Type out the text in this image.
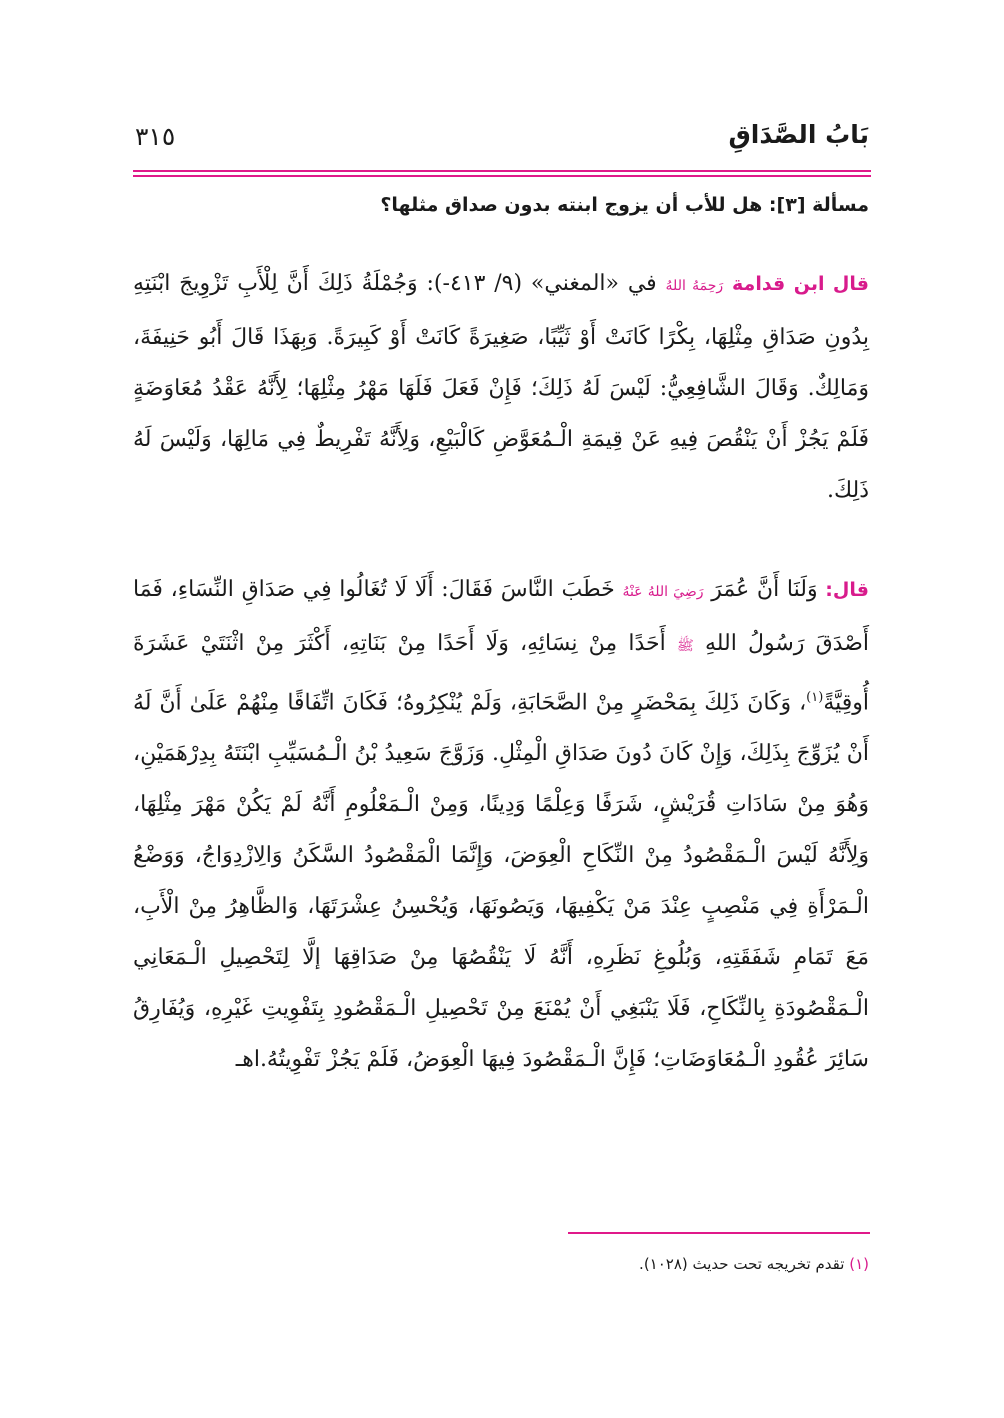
بَابُ الصَّدَاقِ
٣١٥
مسألة [٣]: هل للأب أن يزوج ابنته بدون صداق مثلها؟
قال ابن قدامة رَحِمَهُ اللهُ في «المغني» (٩/ ٤١٣-): وَجُمْلَةُ ذَلِكَ أَنَّ لِلْأَبِ تَزْوِيجَ ابْنَتِهِ بِدُونِ صَدَاقِ مِثْلِهَا، بِكْرًا كَانَتْ أَوْ ثَيِّبًا، صَغِيرَةً كَانَتْ أَوْ كَبِيرَةً. وَبِهَذَا قَالَ أَبُو حَنِيفَةَ، وَمَالِكٌ. وَقَالَ الشَّافِعِيُّ: لَيْسَ لَهُ ذَلِكَ؛ فَإِنْ فَعَلَ فَلَهَا مَهْرُ مِثْلِهَا؛ لِأَنَّهُ عَقْدُ مُعَاوَضَةٍ فَلَمْ يَجُزْ أَنْ يَنْقُصَ فِيهِ عَنْ قِيمَةِ الْـمُعَوَّضِ كَالْبَيْعِ، وَلِأَنَّهُ تَفْرِيطٌ فِي مَالِهَا، وَلَيْسَ لَهُ ذَلِكَ.
قال: وَلَنَا أَنَّ عُمَرَ رَضِيَ اللهُ عَنْهُ خَطَبَ النَّاسَ فَقَالَ: أَلَا لَا تُغَالُوا فِي صَدَاقِ النِّسَاءِ، فَمَا أَصْدَقَ رَسُولُ اللهِ ﷺ أَحَدًا مِنْ نِسَائِهِ، وَلَا أَحَدًا مِنْ بَنَاتِهِ، أَكْثَرَ مِنْ اثْنَتَيْ عَشَرَةَ أُوقِيَّةً$^{(١)}$، وَكَانَ ذَلِكَ بِمَحْضَرٍ مِنْ الصَّحَابَةِ، وَلَمْ يُنْكِرُوهُ؛ فَكَانَ اتِّفَاقًا مِنْهُمْ عَلَىٰ أَنَّ لَهُ أَنْ يُزَوِّجَ بِذَلِكَ، وَإِنْ كَانَ دُونَ صَدَاقِ الْمِثْلِ. وَزَوَّجَ سَعِيدُ بْنُ الْـمُسَيِّبِ ابْنَتَهُ بِدِرْهَمَيْنِ، وَهُوَ مِنْ سَادَاتِ قُرَيْشٍ، شَرَفًا وَعِلْمًا وَدِينًا، وَمِنْ الْـمَعْلُومِ أَنَّهُ لَمْ يَكُنْ مَهْرَ مِثْلِهَا، وَلِأَنَّهُ لَيْسَ الْـمَقْصُودُ مِنْ النِّكَاحِ الْعِوَضَ، وَإِنَّمَا الْمَقْصُودُ السَّكَنُ وَالِازْدِوَاجُ، وَوَضْعُ الْـمَرْأَةِ فِي مَنْصِبٍ عِنْدَ مَنْ يَكْفِيهَا، وَيَصُونَهَا، وَيُحْسِنُ عِشْرَتَهَا، وَالظَّاهِرُ مِنْ الْأَبِ، مَعَ تَمَامِ شَفَقَتِهِ، وَبُلُوغِ نَظَرِهِ، أَنَّهُ لَا يَنْقُصُهَا مِنْ صَدَاقِهَا إلَّا لِتَحْصِيلِ الْـمَعَانِي الْـمَقْصُودَةِ بِالنِّكَاحِ، فَلَا يَنْبَغِي أَنْ يُمْنَعَ مِنْ تَحْصِيلِ الْـمَقْصُودِ بِتَفْوِيتِ غَيْرِهِ، وَيُفَارِقُ سَائِرَ عُقُودِ الْـمُعَاوَضَاتِ؛ فَإِنَّ الْـمَقْصُودَ فِيهَا الْعِوَضُ، فَلَمْ يَجُزْ تَفْوِيتُهُ.اهـ
(١) تقدم تخريجه تحت حديث (١٠٢٨).
